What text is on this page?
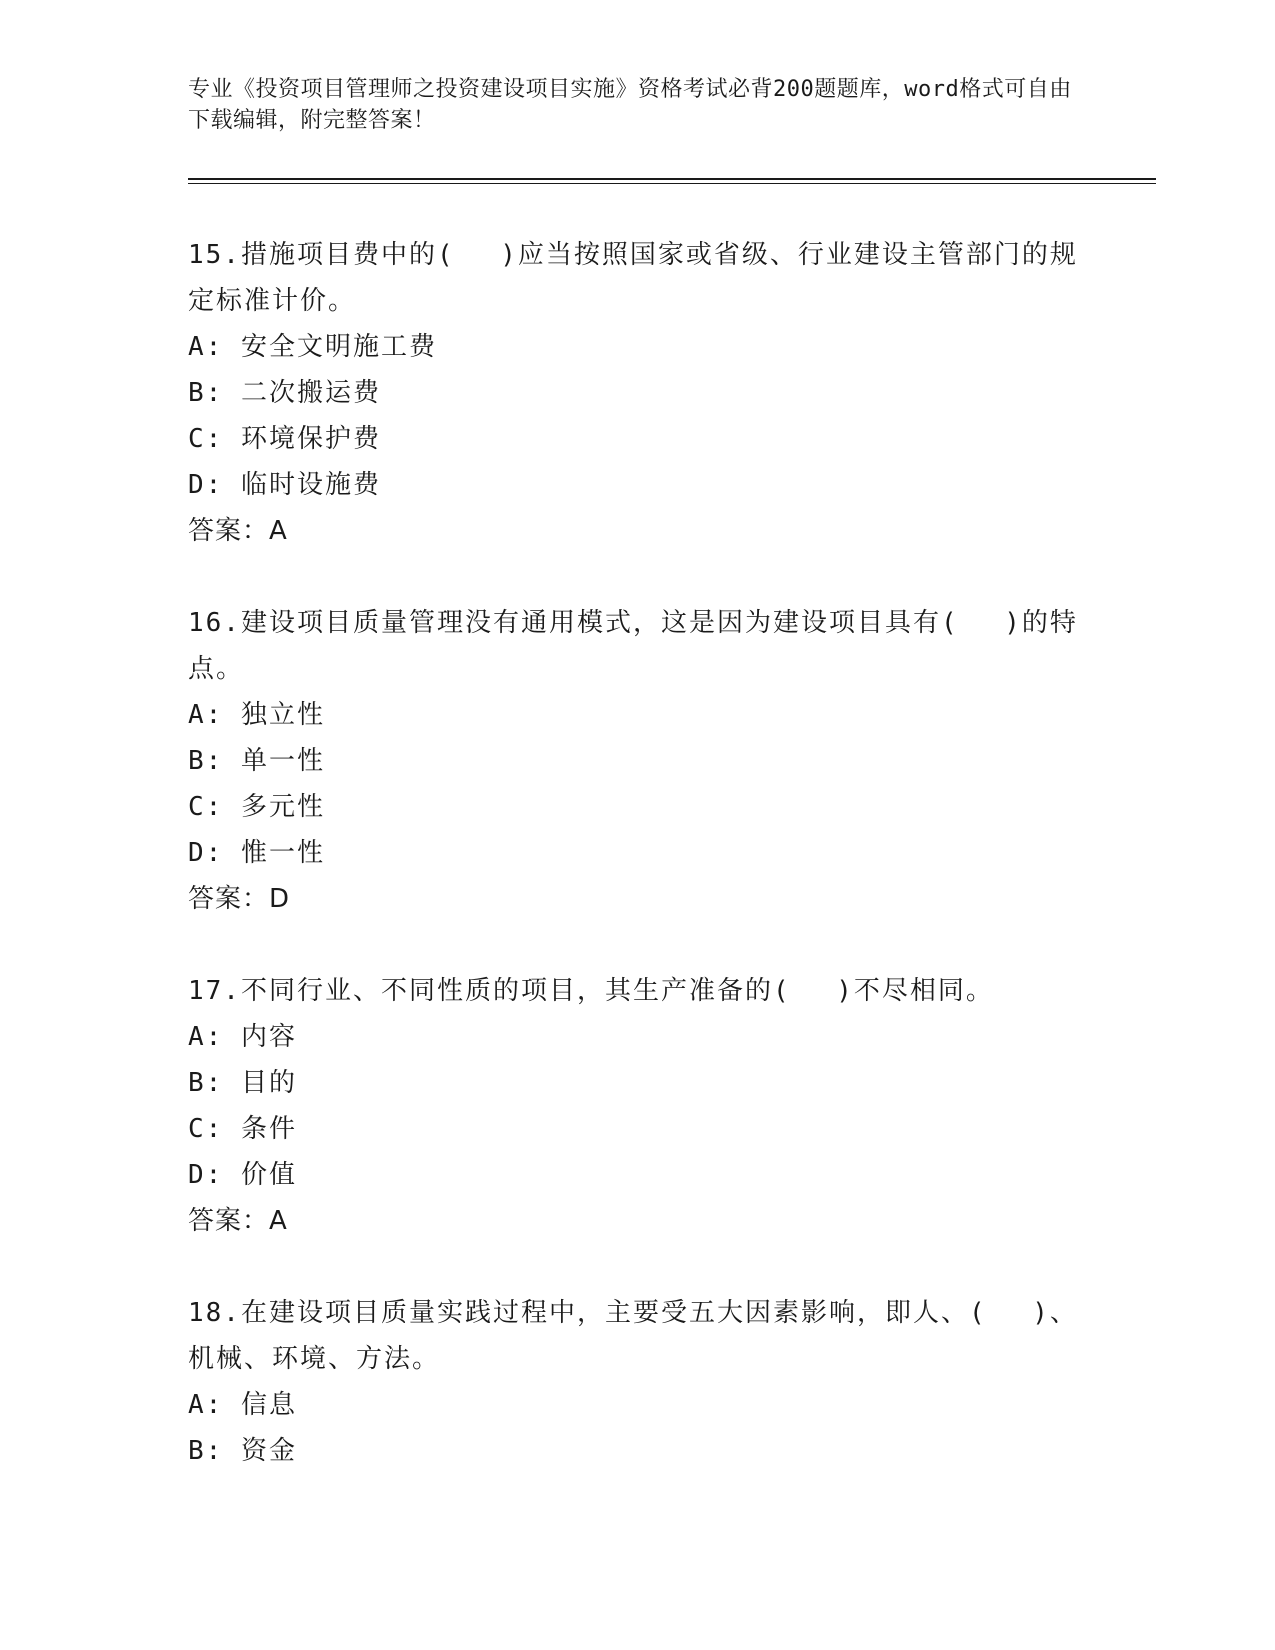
专业《投资项目管理师之投资建设项目实施》资格考试必背200题题库，word格式可自由下载编辑，附完整答案！
15.措施项目费中的(　 )应当按照国家或省级、行业建设主管部门的规定标准计价。
A: 安全文明施工费
B: 二次搬运费
C: 环境保护费
D: 临时设施费
答案：A
16.建设项目质量管理没有通用模式，这是因为建设项目具有(　 )的特点。
A: 独立性
B: 单一性
C: 多元性
D: 惟一性
答案：D
17.不同行业、不同性质的项目，其生产准备的(　 )不尽相同。
A: 内容
B: 目的
C: 条件
D: 价值
答案：A
18.在建设项目质量实践过程中，主要受五大因素影响，即人、(　 )、机械、环境、方法。
A: 信息
B: 资金
